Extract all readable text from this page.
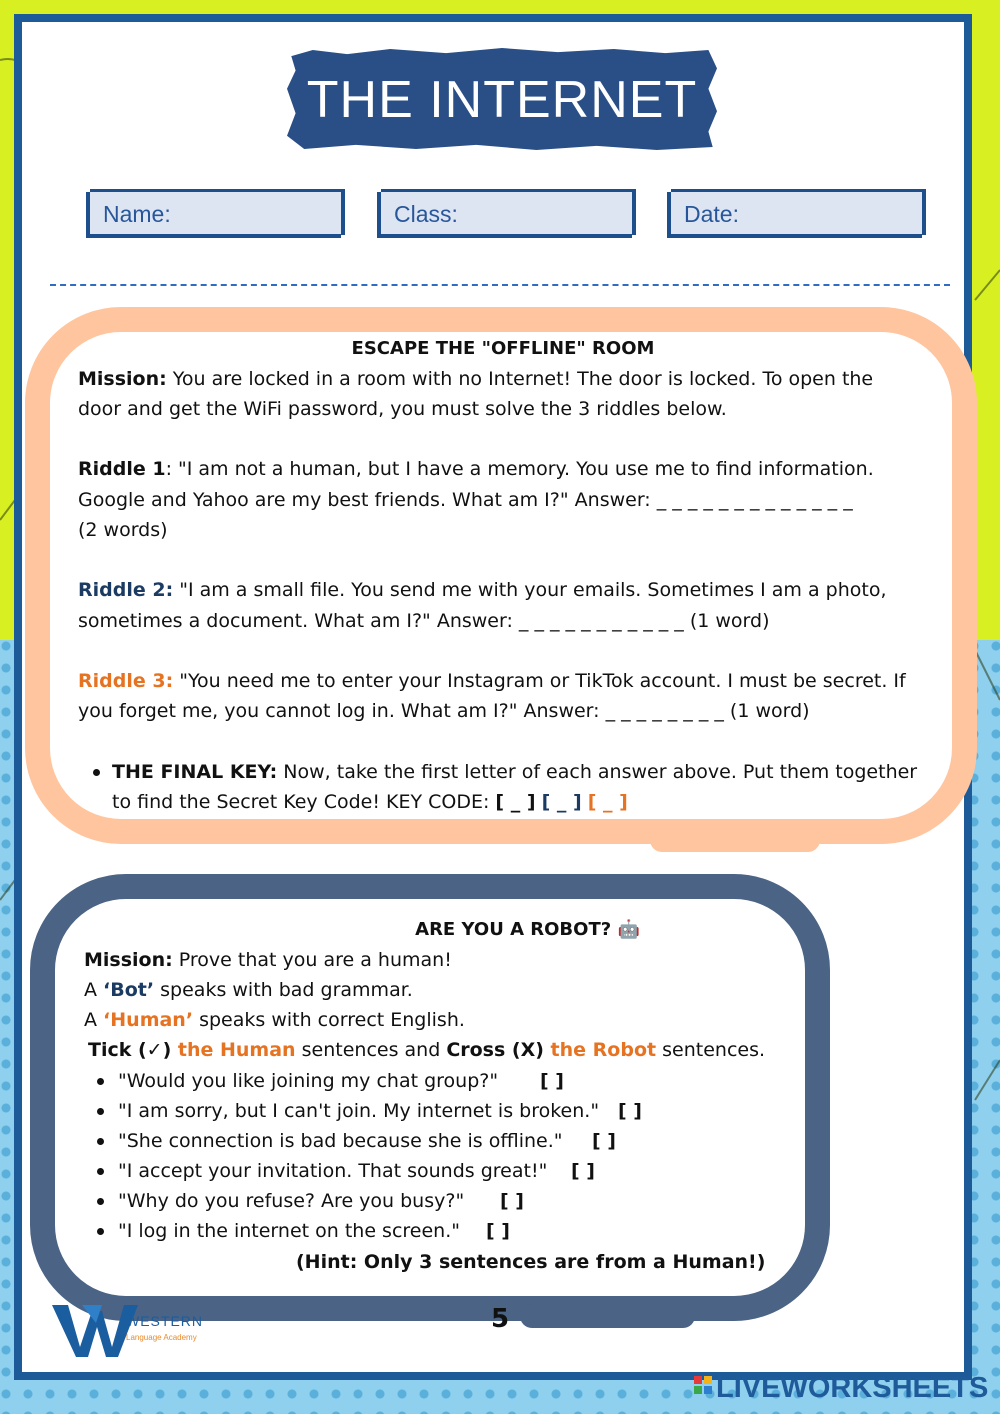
THE INTERNET
Name:	Class:	Date:
ESCAPE THE "OFFLINE" ROOM
Mission: You are locked in a room with no Internet! The door is locked. To open the
door and get the WiFi password, you must solve the 3 riddles below.
Riddle 1: "I am not a human, but I have a memory. You use me to find information.
Google and Yahoo are my best friends. What am I?" Answer: _ _ _ _ _ _ _ _ _ _ _ _ _
(2 words)
Riddle 2: "I am a small file. You send me with your emails. Sometimes I am a photo,
sometimes a document. What am I?" Answer: _ _ _ _ _ _ _ _ _ _ _ (1 word)
Riddle 3: "You need me to enter your Instagram or TikTok account. I must be secret. If
you forget me, you cannot log in. What am I?" Answer: _ _ _ _ _ _ _ _ (1 word)
THE FINAL KEY: Now, take the first letter of each answer above. Put them together
to find the Secret Key Code! KEY CODE: [ _ ] [ _ ] [ _ ]
ARE YOU A ROBOT? 🤖
Mission: Prove that you are a human!
A ‘Bot’ speaks with bad grammar.
A ‘Human’ speaks with correct English.
Tick (✓) the Human sentences and Cross (X) the Robot sentences.
"Would you like joining my chat group?" [ ]
"I am sorry, but I can't join. My internet is broken." [ ]
"She connection is bad because she is offline." [ ]
"I accept your invitation. That sounds great!" [ ]
"Why do you refuse? Are you busy?" [ ]
"I log in the internet on the screen." [ ]
(Hint: Only 3 sentences are from a Human!)
WESTERN
Language Academy
5
LIVEWORKSHEETS
